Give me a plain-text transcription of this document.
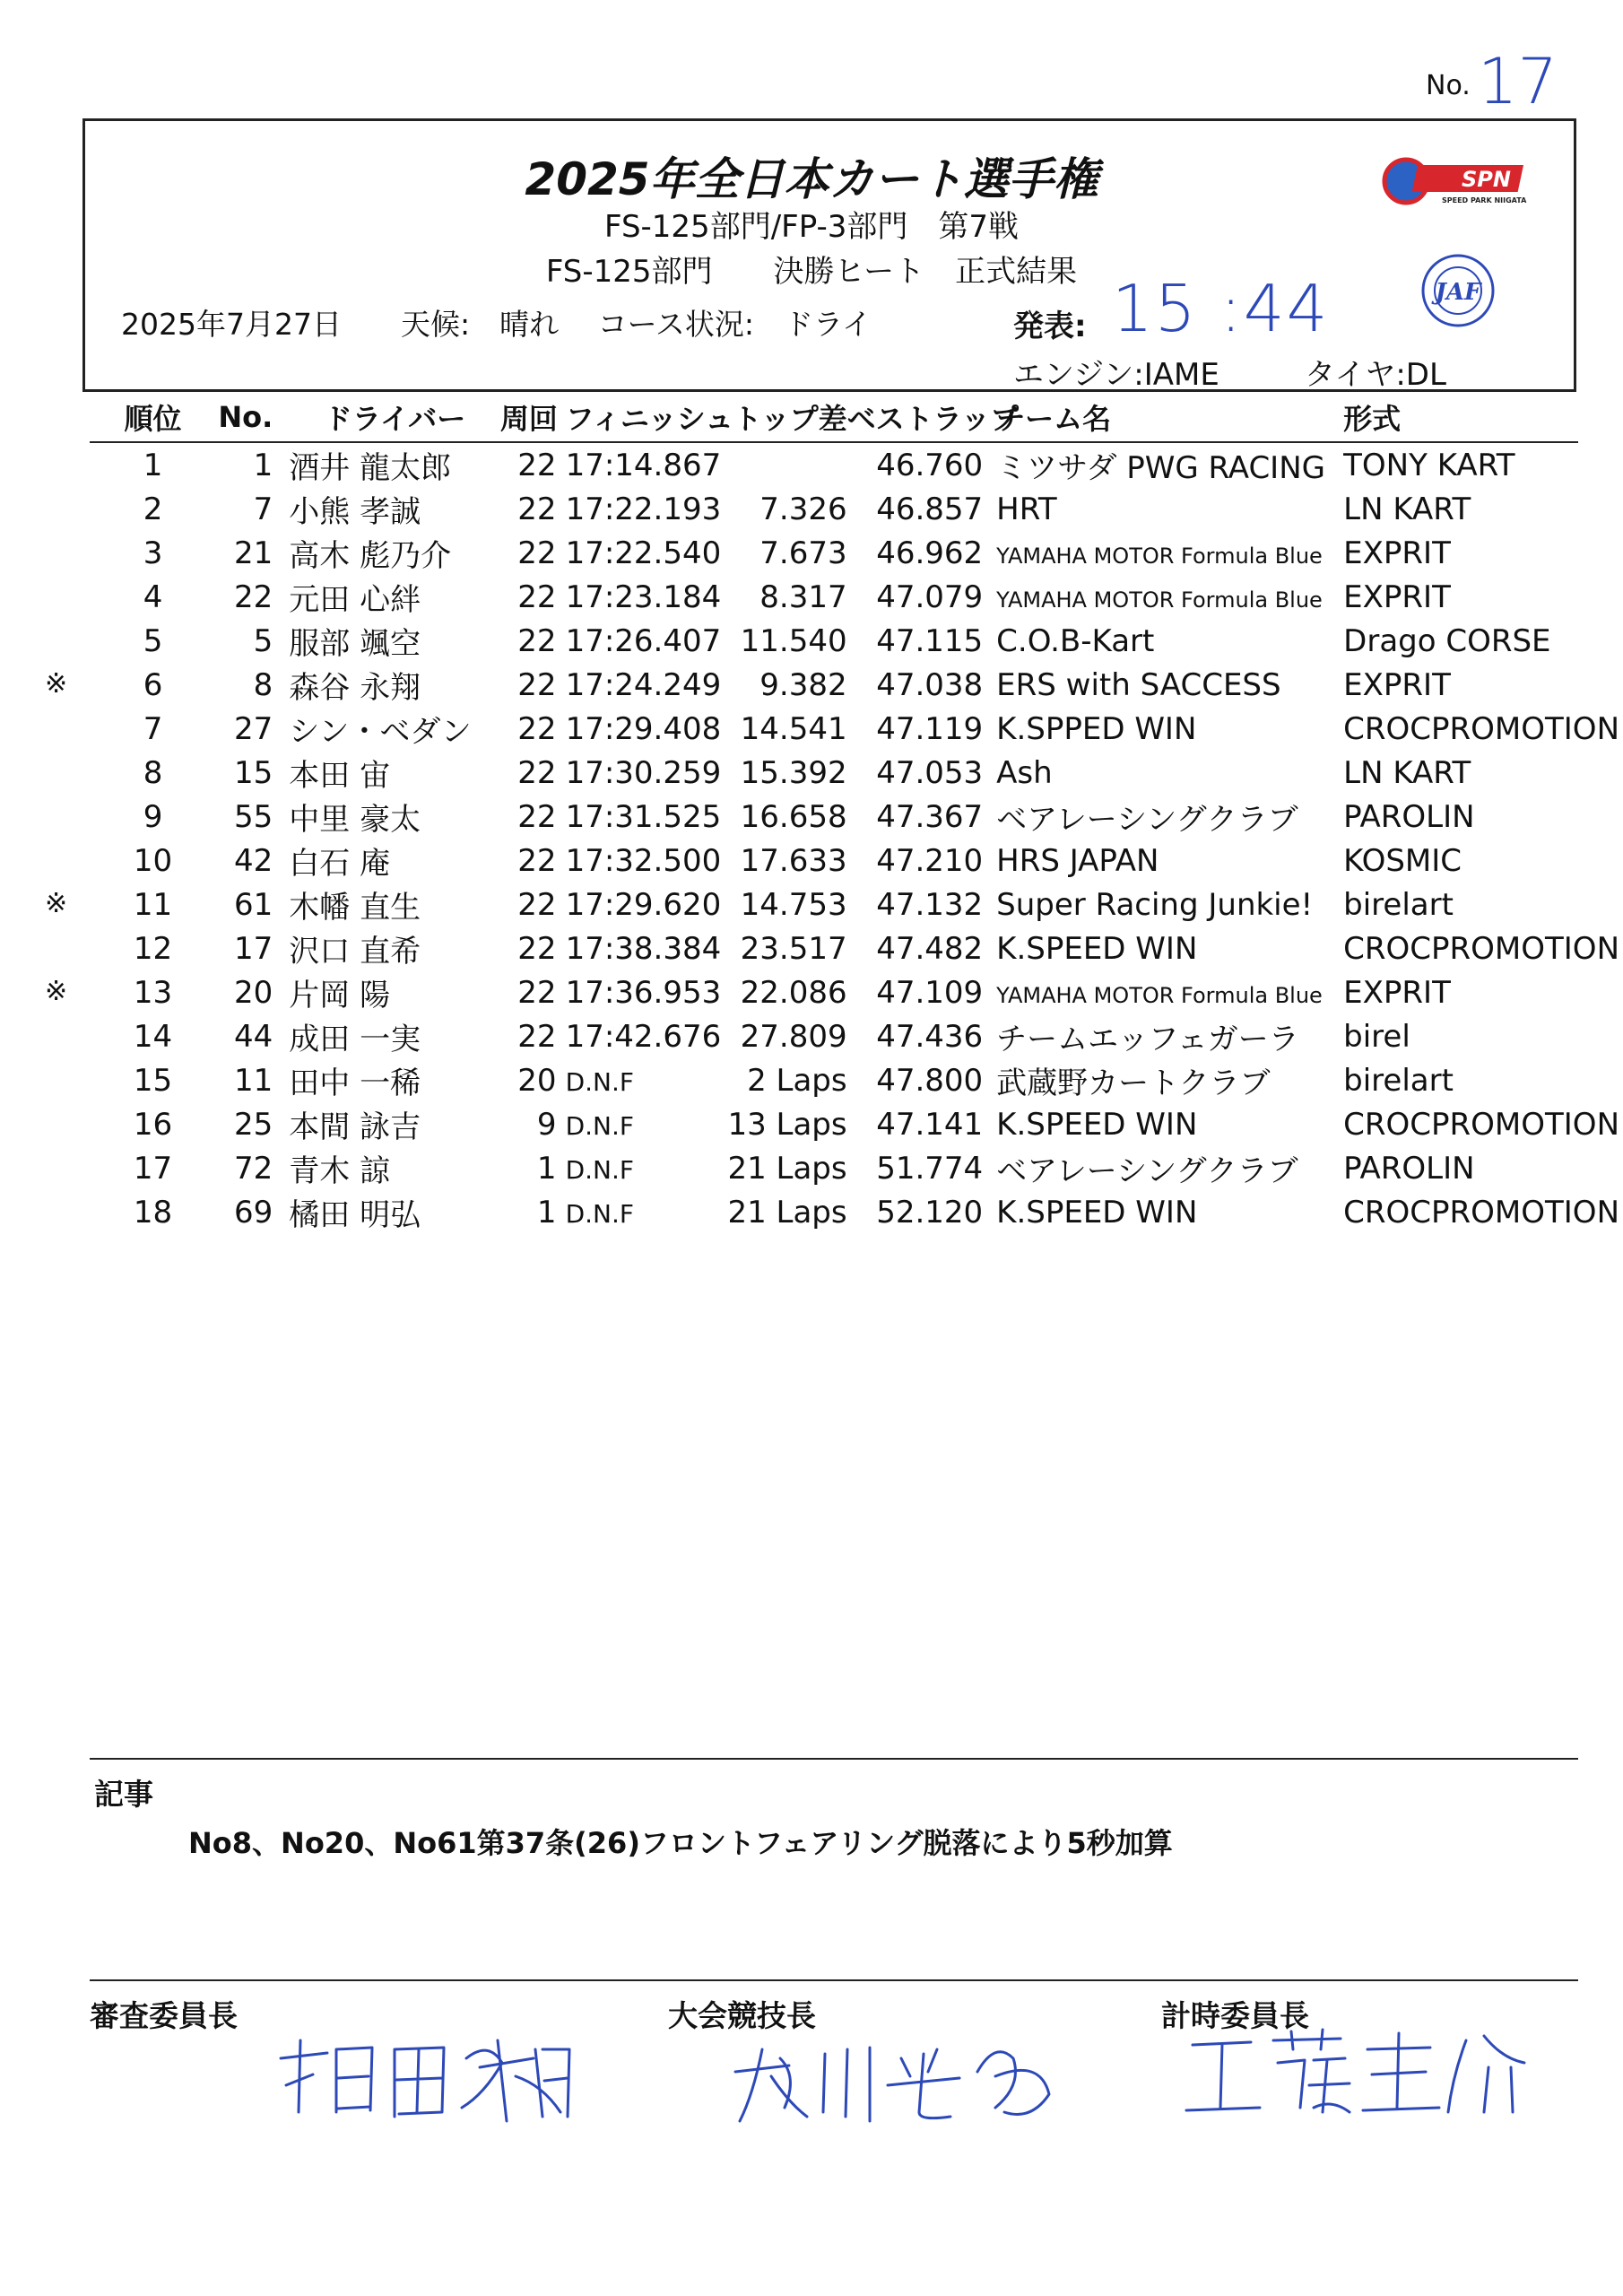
No. 17
2025年全日本カート選手権
FS-125部門/FP-3部門　第7戦
FS-125部門　　決勝ヒート　正式結果
2025年7月27日　　天候:　晴れ　 コース状況:　ドライ	発表: 15 :44
エンジン:IAME	タイヤ:DL
SPN
SPEED PARK NIIGATA
JAF
順位	No.	ドライバー	周回	フィニッシュ	トップ差	ベストラップ	チーム名	形式
1	1	酒井 龍太郎	22	17:14.867		46.760	ミツサダ PWG RACING	TONY KART
2	7	小熊 孝誠	22	17:22.193	7.326	46.857	HRT	LN KART
3	21	高木 彪乃介	22	17:22.540	7.673	46.962	YAMAHA MOTOR Formula Blue	EXPRIT
4	22	元田 心絆	22	17:23.184	8.317	47.079	YAMAHA MOTOR Formula Blue	EXPRIT
5	5	服部 颯空	22	17:26.407	11.540	47.115	C.O.B-Kart	Drago CORSE

※ 6	8	森谷 永翔	22	17:24.249	9.382	47.038	ERS with SACCESS	EXPRIT
7	27	シン・ベダン	22	17:29.408	14.541	47.119	K.SPPED WIN	CROCPROMOTION
8	15	本田 宙	22	17:30.259	15.392	47.053	Ash	LN KART
9	55	中里 豪太	22	17:31.525	16.658	47.367	ベアレーシングクラブ	PAROLIN
10	42	白石 庵	22	17:32.500	17.633	47.210	HRS JAPAN	KOSMIC

※ 11	61	木幡 直生	22	17:29.620	14.753	47.132	Super Racing Junkie!	birelart
12	17	沢口 直希	22	17:38.384	23.517	47.482	K.SPEED WIN	CROCPROMOTION

※ 13	20	片岡 陽	22	17:36.953	22.086	47.109	YAMAHA MOTOR Formula Blue	EXPRIT
14	44	成田 一実	22	17:42.676	27.809	47.436	チームエッフェガーラ	birel
15	11	田中 一稀	20	D.N.F	2 Laps	47.800	武蔵野カートクラブ	birelart
16	25	本間 詠吉	9	D.N.F	13 Laps	47.141	K.SPEED WIN	CROCPROMOTION
17	72	青木 諒	1	D.N.F	21 Laps	51.774	ベアレーシングクラブ	PAROLIN
18	69	橘田 明弘	1	D.N.F	21 Laps	52.120	K.SPEED WIN	CROCPROMOTION
記事
No8、No20、No61第37条(26)フロントフェアリング脱落により5秒加算
審査委員長	大会競技長	計時委員長
